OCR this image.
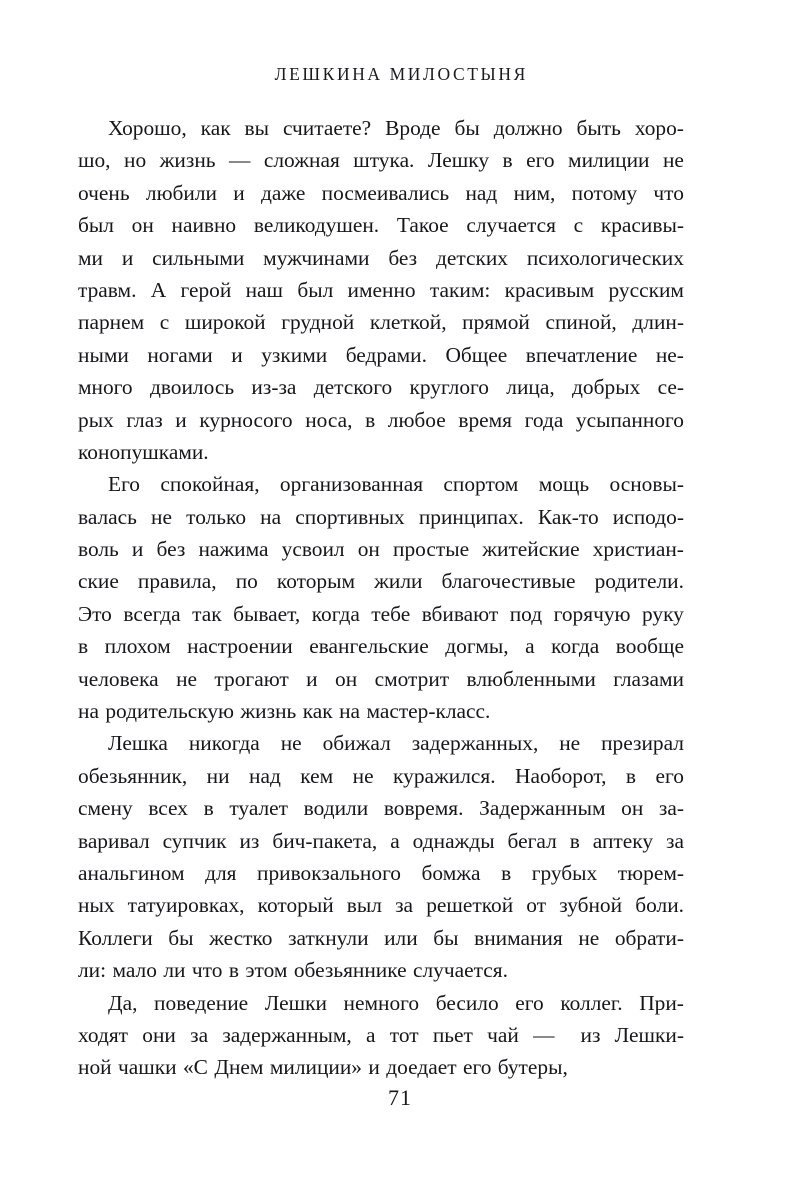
ЛЕШКИНА МИЛОСТЫНЯ
Хорошо, как вы считаете? Вроде бы должно быть хоро-
шо, но жизнь — сложная штука. Лешку в его милиции не
очень любили и даже посмеивались над ним, потому что
был он наивно великодушен. Такое случается с красивы-
ми и сильными мужчинами без детских психологических
травм. А герой наш был именно таким: красивым русским
парнем с широкой грудной клеткой, прямой спиной, длин-
ными ногами и узкими бедрами. Общее впечатление не-
много двоилось из-за детского круглого лица, добрых се-
рых глаз и курносого носа, в любое время года усыпанного
конопушками.
Его спокойная, организованная спортом мощь основы-
валась не только на спортивных принципах. Как-то исподо-
воль и без нажима усвоил он простые житейские христиан-
ские правила, по которым жили благочестивые родители.
Это всегда так бывает, когда тебе вбивают под горячую руку
в плохом настроении евангельские догмы, а когда вообще
человека не трогают и он смотрит влюбленными глазами
на родительскую жизнь как на мастер-класс.
Лешка никогда не обижал задержанных, не презирал
обезьянник, ни над кем не куражился. Наоборот, в его
смену всех в туалет водили вовремя. Задержанным он за-
варивал супчик из бич-пакета, а однажды бегал в аптеку за
анальгином для привокзального бомжа в грубых тюрем-
ных татуировках, который выл за решеткой от зубной боли.
Коллеги бы жестко заткнули или бы внимания не обрати-
ли: мало ли что в этом обезьяннике случается.
Да, поведение Лешки немного бесило его коллег. При-
ходят они за задержанным, а тот пьет чай — из Лешки-
ной чашки «С Днем милиции» и доедает его бутеры,
71
